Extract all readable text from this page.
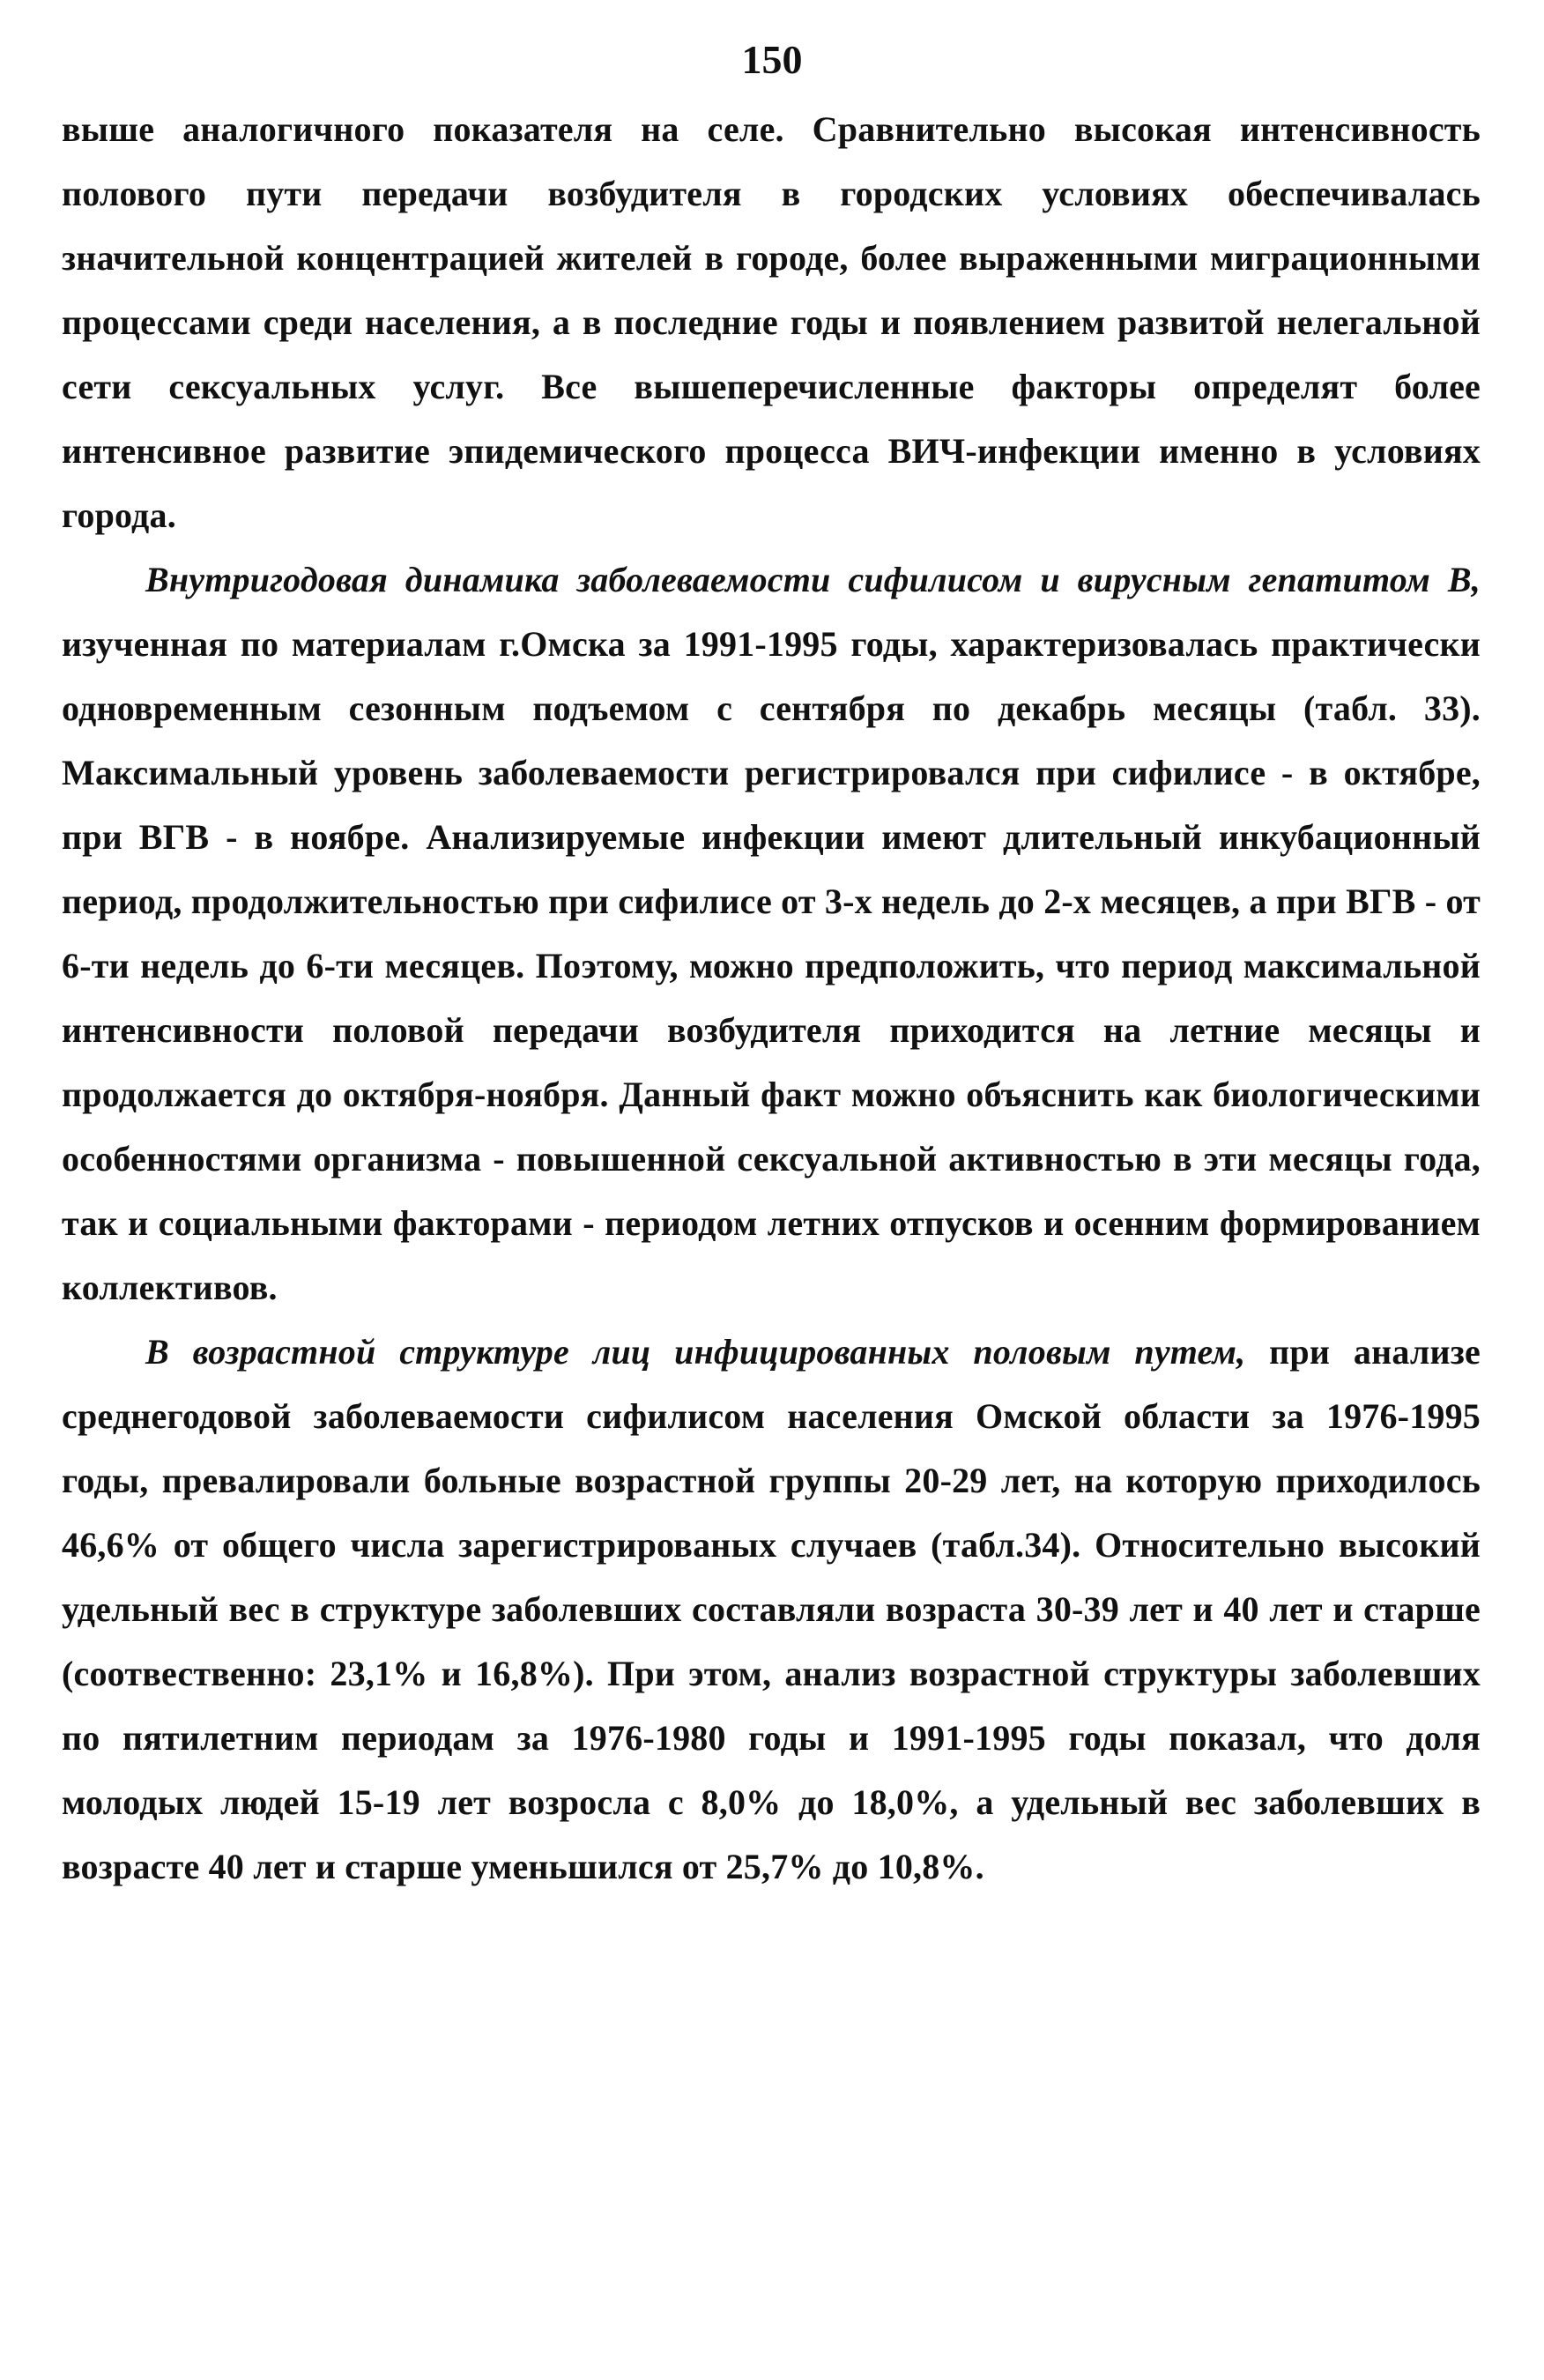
150

выше аналогичного показателя на селе. Сравнительно высокая интенсивность полового пути передачи возбудителя в городских условиях обеспечивалась значительной концентрацией жителей в городе, более выраженными миграционными процессами среди населения, а в последние годы и появлением развитой нелегальной сети сексуальных услуг. Все вышеперечисленные факторы определят более интенсивное развитие эпидемического процесса ВИЧ-инфекции именно в условиях города.

Внутригодовая динамика заболеваемости сифилисом и вирусным гепатитом В, изученная по материалам г.Омска за 1991-1995 годы, характеризовалась практически одновременным сезонным подъемом с сентября по декабрь месяцы (табл. 33). Максимальный уровень заболеваемости регистрировался при сифилисе - в октябре, при ВГВ - в ноябре. Анализируемые инфекции имеют длительный инкубационный период, продолжительностью при сифилисе от 3-х недель до 2-х месяцев, а при ВГВ - от 6-ти недель до 6-ти месяцев. Поэтому, можно предположить, что период максимальной интенсивности половой передачи возбудителя приходится на летние месяцы и продолжается до октября-ноября. Данный факт можно объяснить как биологическими особенностями организма - повышенной сексуальной активностью в эти месяцы года, так и социальными факторами - периодом летних отпусков и осенним формированием коллективов.

В возрастной структуре лиц инфицированных половым путем, при анализе среднегодовой заболеваемости сифилисом населения Омской области за 1976-1995 годы, превалировали больные возрастной группы 20-29 лет, на которую приходилось 46,6% от общего числа зарегистрированых случаев (табл.34). Относительно высокий удельный вес в структуре заболевших составляли возраста 30-39 лет и 40 лет и старше (соотвественно: 23,1% и 16,8%). При этом, анализ возрастной структуры заболевших по пятилетним периодам за 1976-1980 годы и 1991-1995 годы показал, что доля молодых людей 15-19 лет возросла с 8,0% до 18,0%, а удельный вес заболевших в возрасте 40 лет и старше уменьшился от 25,7% до 10,8%.
